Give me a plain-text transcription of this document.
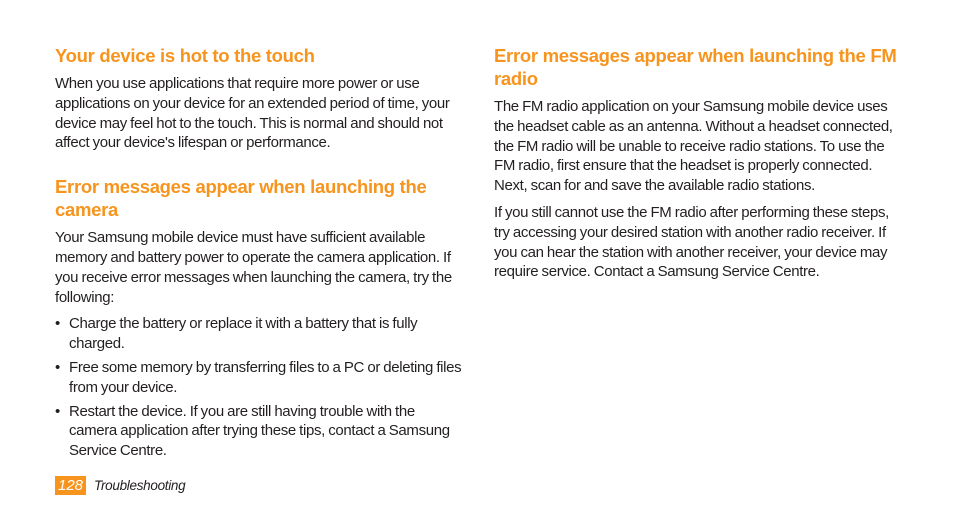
Your device is hot to the touch

When you use applications that require more power or use applications on your device for an extended period of time, your device may feel hot to the touch. This is normal and should not affect your device's lifespan or performance.

Error messages appear when launching the camera

Your Samsung mobile device must have sufficient available memory and battery power to operate the camera application. If you receive error messages when launching the camera, try the following:

• Charge the battery or replace it with a battery that is fully charged.
• Free some memory by transferring files to a PC or deleting files from your device.
• Restart the device. If you are still having trouble with the camera application after trying these tips, contact a Samsung Service Centre.
Error messages appear when launching the FM radio

The FM radio application on your Samsung mobile device uses the headset cable as an antenna. Without a headset connected, the FM radio will be unable to receive radio stations. To use the FM radio, first ensure that the headset is properly connected. Next, scan for and save the available radio stations.

If you still cannot use the FM radio after performing these steps, try accessing your desired station with another radio receiver. If you can hear the station with another receiver, your device may require service. Contact a Samsung Service Centre.

128 Troubleshooting
